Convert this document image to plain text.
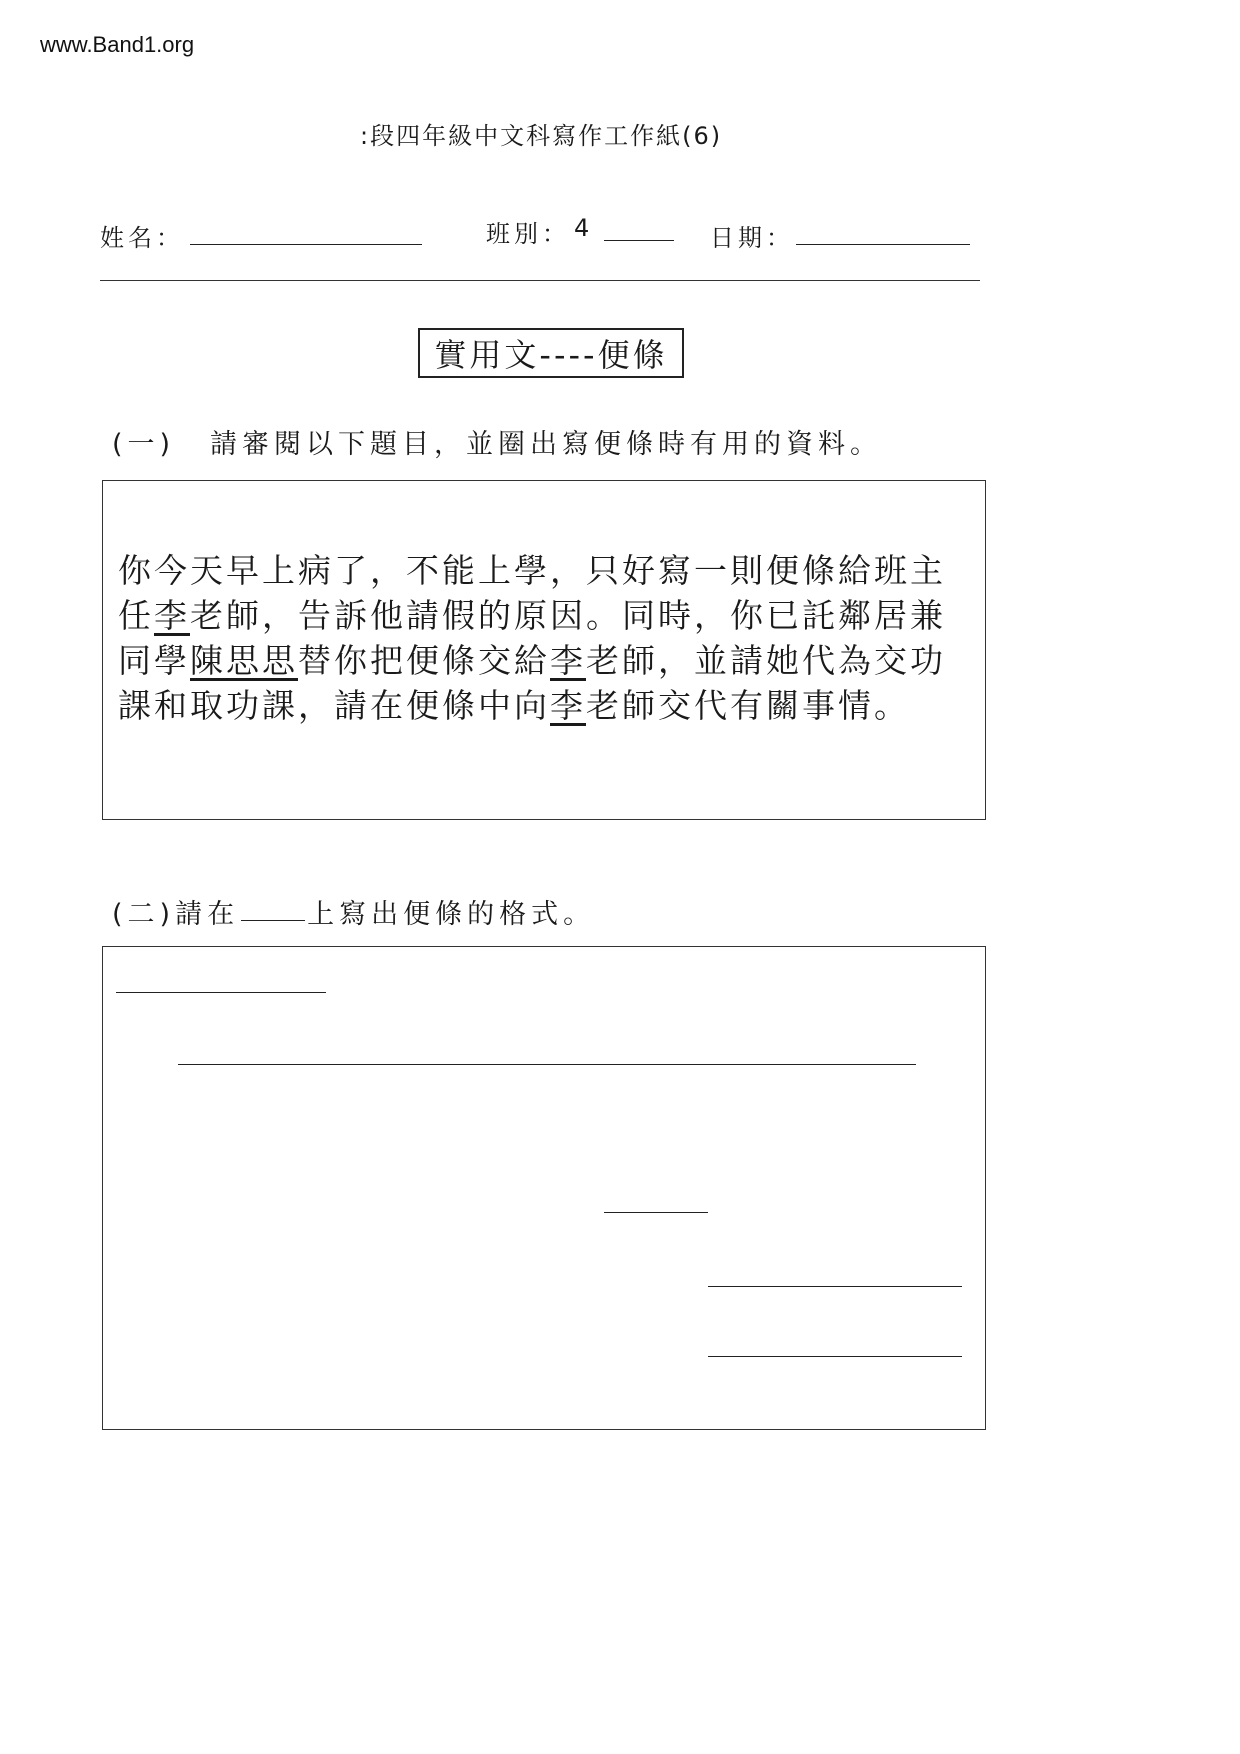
www.Band1.org
:段四年級中文科寫作工作紙(6)
姓名：	班別： 4	日期：
實用文----便條
(一) 請審閱以下題目，並圈出寫便條時有用的資料。
你今天早上病了，不能上學，只好寫一則便條給班主任李老師，告訴他請假的原因。同時，你已託鄰居兼同學陳思思替你把便條交給李老師，並請她代為交功課和取功課，請在便條中向李老師交代有關事情。
(二)請在	上寫出便條的格式。
